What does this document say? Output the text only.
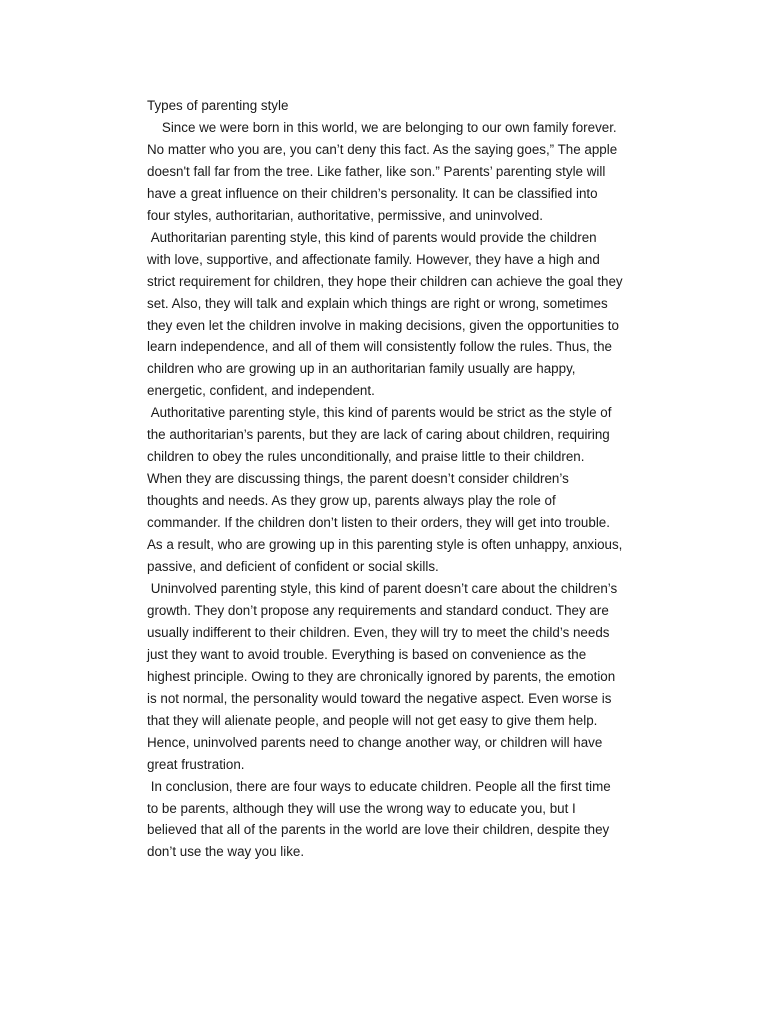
Types of parenting style

Since we were born in this world, we are belonging to our own family forever. No matter who you are, you can’t deny this fact. As the saying goes,” The apple doesn't fall far from the tree. Like father, like son.” Parents’ parenting style will have a great influence on their children’s personality. It can be classified into four styles, authoritarian, authoritative, permissive, and uninvolved.

Authoritarian parenting style, this kind of parents would provide the children with love, supportive, and affectionate family. However, they have a high and strict requirement for children, they hope their children can achieve the goal they set. Also, they will talk and explain which things are right or wrong, sometimes they even let the children involve in making decisions, given the opportunities to learn independence, and all of them will consistently follow the rules. Thus, the children who are growing up in an authoritarian family usually are happy, energetic, confident, and independent.

Authoritative parenting style, this kind of parents would be strict as the style of the authoritarian’s parents, but they are lack of caring about children, requiring children to obey the rules unconditionally, and praise little to their children. When they are discussing things, the parent doesn’t consider children’s thoughts and needs. As they grow up, parents always play the role of commander. If the children don’t listen to their orders, they will get into trouble. As a result, who are growing up in this parenting style is often unhappy, anxious, passive, and deficient of confident or social skills.

Uninvolved parenting style, this kind of parent doesn’t care about the children’s growth. They don’t propose any requirements and standard conduct. They are usually indifferent to their children. Even, they will try to meet the child’s needs just they want to avoid trouble. Everything is based on convenience as the highest principle. Owing to they are chronically ignored by parents, the emotion is not normal, the personality would toward the negative aspect. Even worse is that they will alienate people, and people will not get easy to give them help. Hence, uninvolved parents need to change another way, or children will have great frustration.

In conclusion, there are four ways to educate children. People all the first time to be parents, although they will use the wrong way to educate you, but I believed that all of the parents in the world are love their children, despite they don’t use the way you like.
